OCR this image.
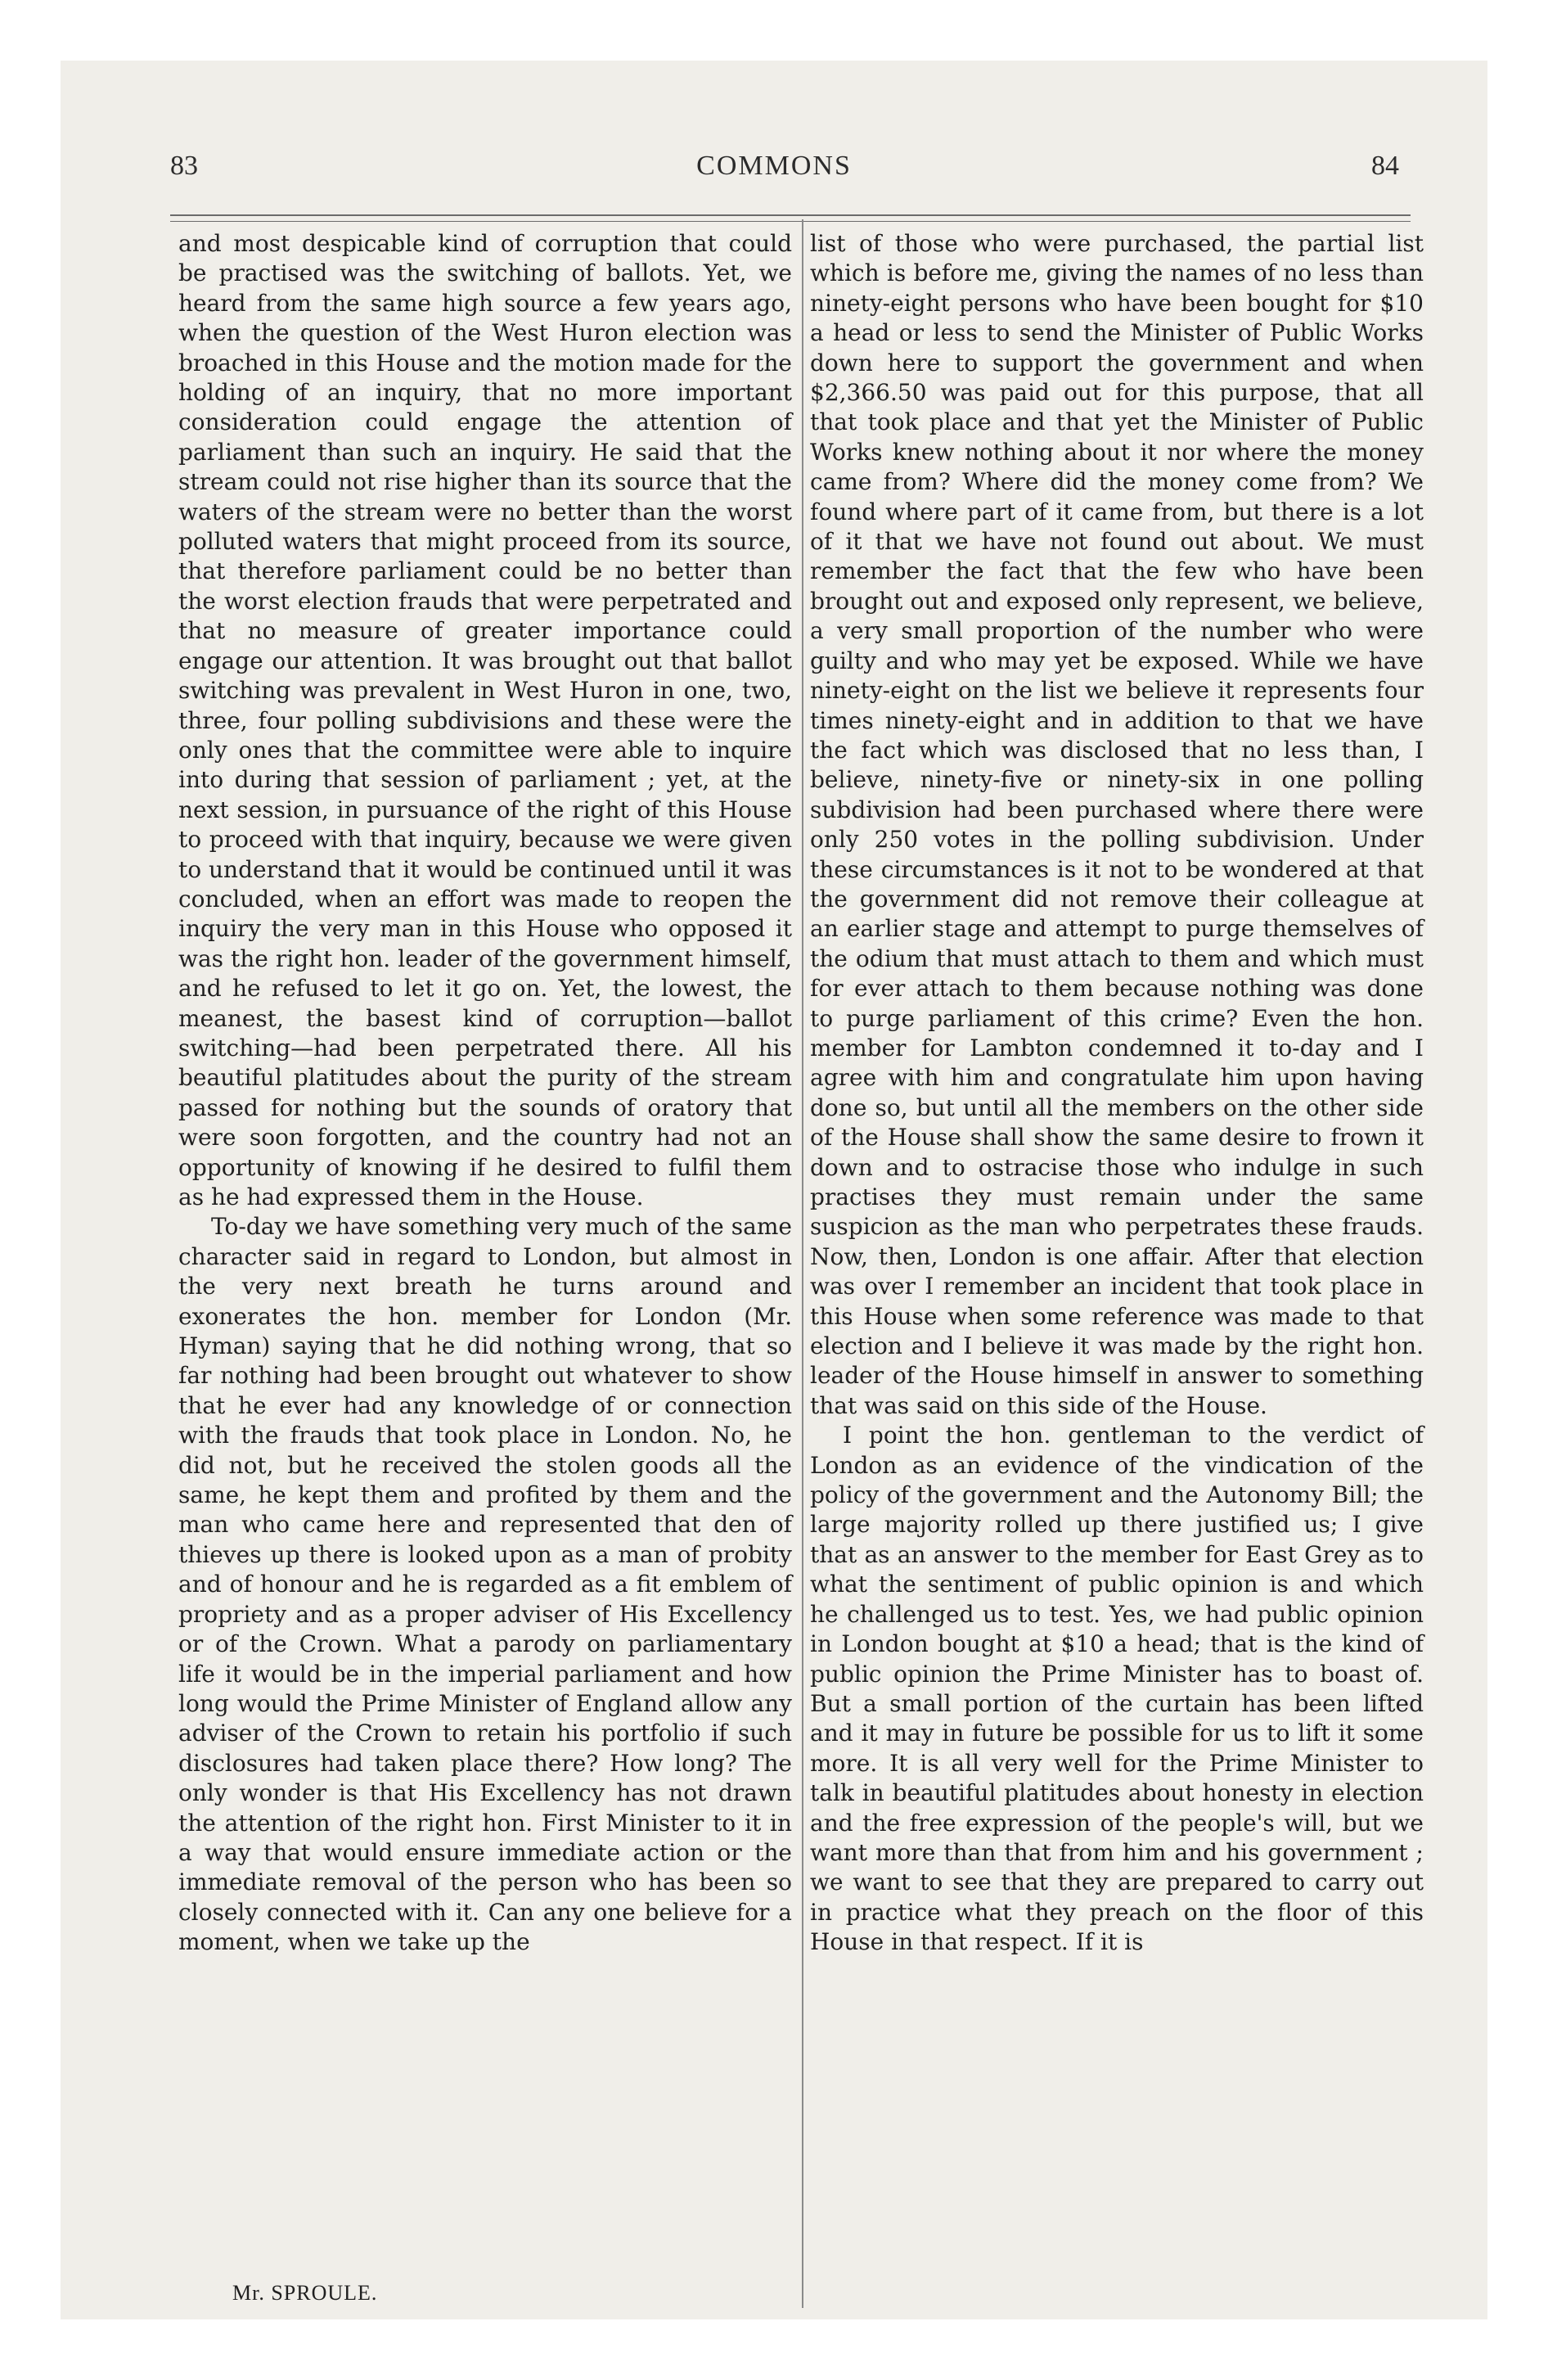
83	COMMONS	84

and most despicable kind of corruption that could be practised was the switching of ballots. Yet, we heard from the same high source a few years ago, when the question of the West Huron election was broached in this House and the motion made for the holding of an inquiry, that no more important consideration could engage the attention of parliament than such an inquiry. He said that the stream could not rise higher than its source that the waters of the stream were no better than the worst polluted waters that might proceed from its source, that therefore parliament could be no better than the worst election frauds that were perpetrated and that no measure of greater importance could engage our attention. It was brought out that ballot switching was prevalent in West Huron in one, two, three, four polling subdivisions and these were the only ones that the committee were able to inquire into during that session of parliament ; yet, at the next session, in pursuance of the right of this House to proceed with that inquiry, because we were given to understand that it would be continued until it was concluded, when an effort was made to reopen the inquiry the very man in this House who opposed it was the right hon. leader of the government himself, and he refused to let it go on. Yet, the lowest, the meanest, the basest kind of corruption—ballot switching—had been perpetrated there. All his beautiful platitudes about the purity of the stream passed for nothing but the sounds of oratory that were soon forgotten, and the country had not an opportunity of knowing if he desired to fulfil them as he had expressed them in the House.

To-day we have something very much of the same character said in regard to London, but almost in the very next breath he turns around and exonerates the hon. member for London (Mr. Hyman) saying that he did nothing wrong, that so far nothing had been brought out whatever to show that he ever had any knowledge of or connection with the frauds that took place in London. No, he did not, but he received the stolen goods all the same, he kept them and profited by them and the man who came here and represented that den of thieves up there is looked upon as a man of probity and of honour and he is regarded as a fit emblem of propriety and as a proper adviser of His Excellency or of the Crown. What a parody on parliamentary life it would be in the imperial parliament and how long would the Prime Minister of England allow any adviser of the Crown to retain his portfolio if such disclosures had taken place there? How long? The only wonder is that His Excellency has not drawn the attention of the right hon. First Minister to it in a way that would ensure immediate action or the immediate removal of the person who has been so closely connected with it. Can any one believe for a moment, when we take up the

list of those who were purchased, the partial list which is before me, giving the names of no less than ninety-eight persons who have been bought for $10 a head or less to send the Minister of Public Works down here to support the government and when $2,366.50 was paid out for this purpose, that all that took place and that yet the Minister of Public Works knew nothing about it nor where the money came from? Where did the money come from? We found where part of it came from, but there is a lot of it that we have not found out about. We must remember the fact that the few who have been brought out and exposed only represent, we believe, a very small proportion of the number who were guilty and who may yet be exposed. While we have ninety-eight on the list we believe it represents four times ninety-eight and in addition to that we have the fact which was disclosed that no less than, I believe, ninety-five or ninety-six in one polling subdivision had been purchased where there were only 250 votes in the polling subdivision. Under these circumstances is it not to be wondered at that the government did not remove their colleague at an earlier stage and attempt to purge themselves of the odium that must attach to them and which must for ever attach to them because nothing was done to purge parliament of this crime? Even the hon. member for Lambton condemned it to-day and I agree with him and congratulate him upon having done so, but until all the members on the other side of the House shall show the same desire to frown it down and to ostracise those who indulge in such practises they must remain under the same suspicion as the man who perpetrates these frauds. Now, then, London is one affair. After that election was over I remember an incident that took place in this House when some reference was made to that election and I believe it was made by the right hon. leader of the House himself in answer to something that was said on this side of the House.

I point the hon. gentleman to the verdict of London as an evidence of the vindication of the policy of the government and the Autonomy Bill; the large majority rolled up there justified us; I give that as an answer to the member for East Grey as to what the sentiment of public opinion is and which he challenged us to test. Yes, we had public opinion in London bought at $10 a head; that is the kind of public opinion the Prime Minister has to boast of. But a small portion of the curtain has been lifted and it may in future be possible for us to lift it some more. It is all very well for the Prime Minister to talk in beautiful platitudes about honesty in election and the free expression of the people's will, but we want more than that from him and his government ; we want to see that they are prepared to carry out in practice what they preach on the floor of this House in that respect. If it is

Mr. SPROULE.
